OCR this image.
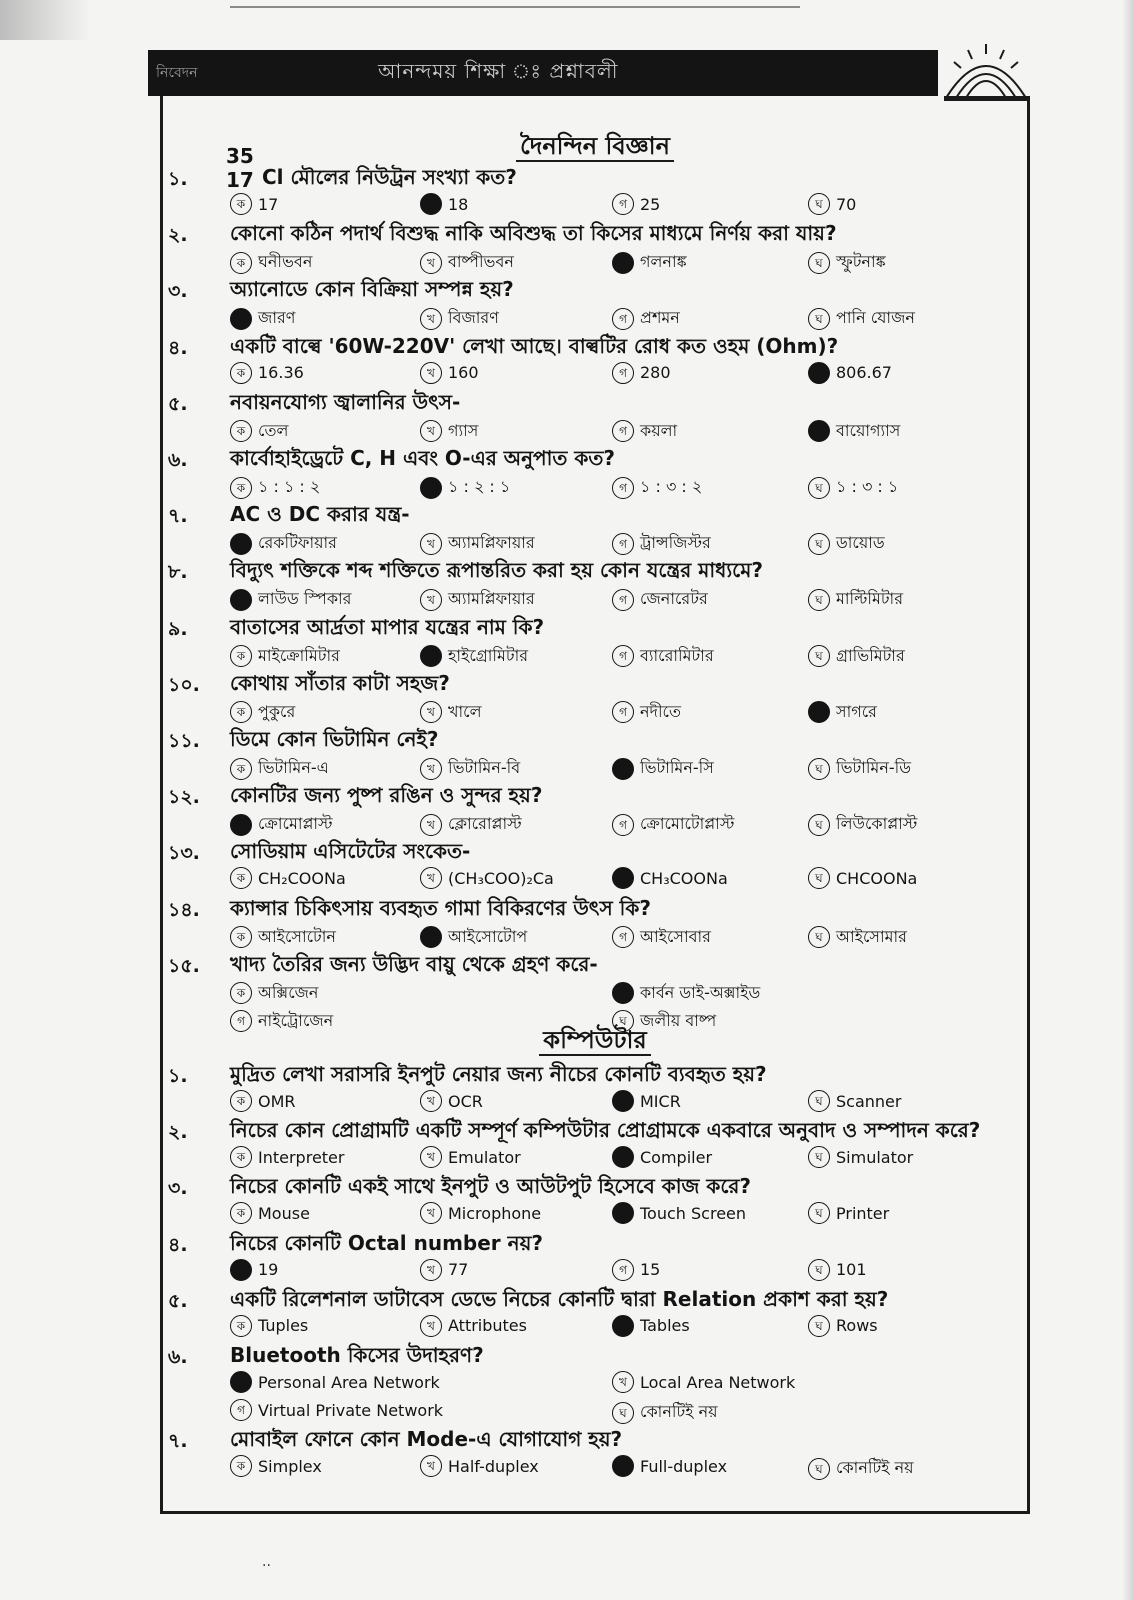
নিবেদন	আনন্দময় শিক্ষা ঃ প্রশ্নাবলী
দৈনন্দিন বিজ্ঞান
১.
35
17 Cl মৌলের নিউট্রন সংখ্যা কত?
ক 17	খ 18	গ 25	ঘ 70
২. কোনো কঠিন পদার্থ বিশুদ্ধ নাকি অবিশুদ্ধ তা কিসের মাধ্যমে নির্ণয় করা যায়?
ক ঘনীভবন	খ বাষ্পীভবন	গ গলনাঙ্ক	ঘ স্ফুটনাঙ্ক
৩. অ্যানোডে কোন বিক্রিয়া সম্পন্ন হয়?
ক জারণ	খ বিজারণ	গ প্রশমন	ঘ পানি যোজন
৪. একটি বাল্বে '60W-220V' লেখা আছে। বাল্বটির রোধ কত ওহম (Ohm)?
ক 16.36	খ 160	গ 280	ঘ 806.67
৫. নবায়নযোগ্য জ্বালানির উৎস-
ক তেল	খ গ্যাস	গ কয়লা	ঘ বায়োগ্যাস
৬. কার্বোহাইড্রেটে C, H এবং O-এর অনুপাত কত?
ক ১ : ১ : ২	খ ১ : ২ : ১	গ ১ : ৩ : ২	ঘ ১ : ৩ : ১
৭. AC ও DC করার যন্ত্র-
ক রেকটিফায়ার	খ অ্যামপ্লিফায়ার	গ ট্রান্সজিস্টর	ঘ ডায়োড
৮. বিদ্যুৎ শক্তিকে শব্দ শক্তিতে রূপান্তরিত করা হয় কোন যন্ত্রের মাধ্যমে?
ক লাউড স্পিকার	খ অ্যামপ্লিফায়ার	গ জেনারেটর	ঘ মাল্টিমিটার
৯. বাতাসের আর্দ্রতা মাপার যন্ত্রের নাম কি?
ক মাইক্রোমিটার	খ হাইগ্রোমিটার	গ ব্যারোমিটার	ঘ গ্রাভিমিটার
১০. কোথায় সাঁতার কাটা সহজ?
ক পুকুরে	খ খালে	গ নদীতে	ঘ সাগরে
১১. ডিমে কোন ভিটামিন নেই?
ক ভিটামিন-এ	খ ভিটামিন-বি	গ ভিটামিন-সি	ঘ ভিটামিন-ডি
১২. কোনটির জন্য পুষ্প রঙিন ও সুন্দর হয়?
ক ক্রোমোপ্লাস্ট	খ ক্লোরোপ্লাস্ট	গ ক্রোমোটোপ্লাস্ট	ঘ লিউকোপ্লাস্ট
১৩. সোডিয়াম এসিটেটের সংকেত-
ক CH₂COONa	খ (CH₃COO)₂Ca	গ CH₃COONa	ঘ CHCOONa
১৪. ক্যান্সার চিকিৎসায় ব্যবহৃত গামা বিকিরণের উৎস কি?
ক আইসোটোন	খ আইসোটোপ	গ আইসোবার	ঘ আইসোমার
১৫. খাদ্য তৈরির জন্য উদ্ভিদ বায়ু থেকে গ্রহণ করে-
ক অক্সিজেন	খ কার্বন ডাই-অক্সাইড
গ নাইট্রোজেন	ঘ জলীয় বাষ্প
কম্পিউটার
১. মুদ্রিত লেখা সরাসরি ইনপুট নেয়ার জন্য নীচের কোনটি ব্যবহৃত হয়?
ক OMR	খ OCR	গ MICR	ঘ Scanner
২. নিচের কোন প্রোগ্রামটি একটি সম্পূর্ণ কম্পিউটার প্রোগ্রামকে একবারে অনুবাদ ও সম্পাদন করে?
ক Interpreter	খ Emulator	গ Compiler	ঘ Simulator
৩. নিচের কোনটি একই সাথে ইনপুট ও আউটপুট হিসেবে কাজ করে?
ক Mouse	খ Microphone	গ Touch Screen	ঘ Printer
৪. নিচের কোনটি Octal number নয়?
ক 19	খ 77	গ 15	ঘ 101
৫. একটি রিলেশনাল ডাটাবেস ডেভে নিচের কোনটি দ্বারা Relation প্রকাশ করা হয়?
ক Tuples	খ Attributes	গ Tables	ঘ Rows
৬. Bluetooth কিসের উদাহরণ?
ক Personal Area Network	খ Local Area Network
গ Virtual Private Network	ঘ কোনটিই নয়
৭. মোবাইল ফোনে কোন Mode-এ যোগাযোগ হয়?
ক Simplex	খ Half-duplex	গ Full-duplex	ঘ কোনটিই নয়
..
